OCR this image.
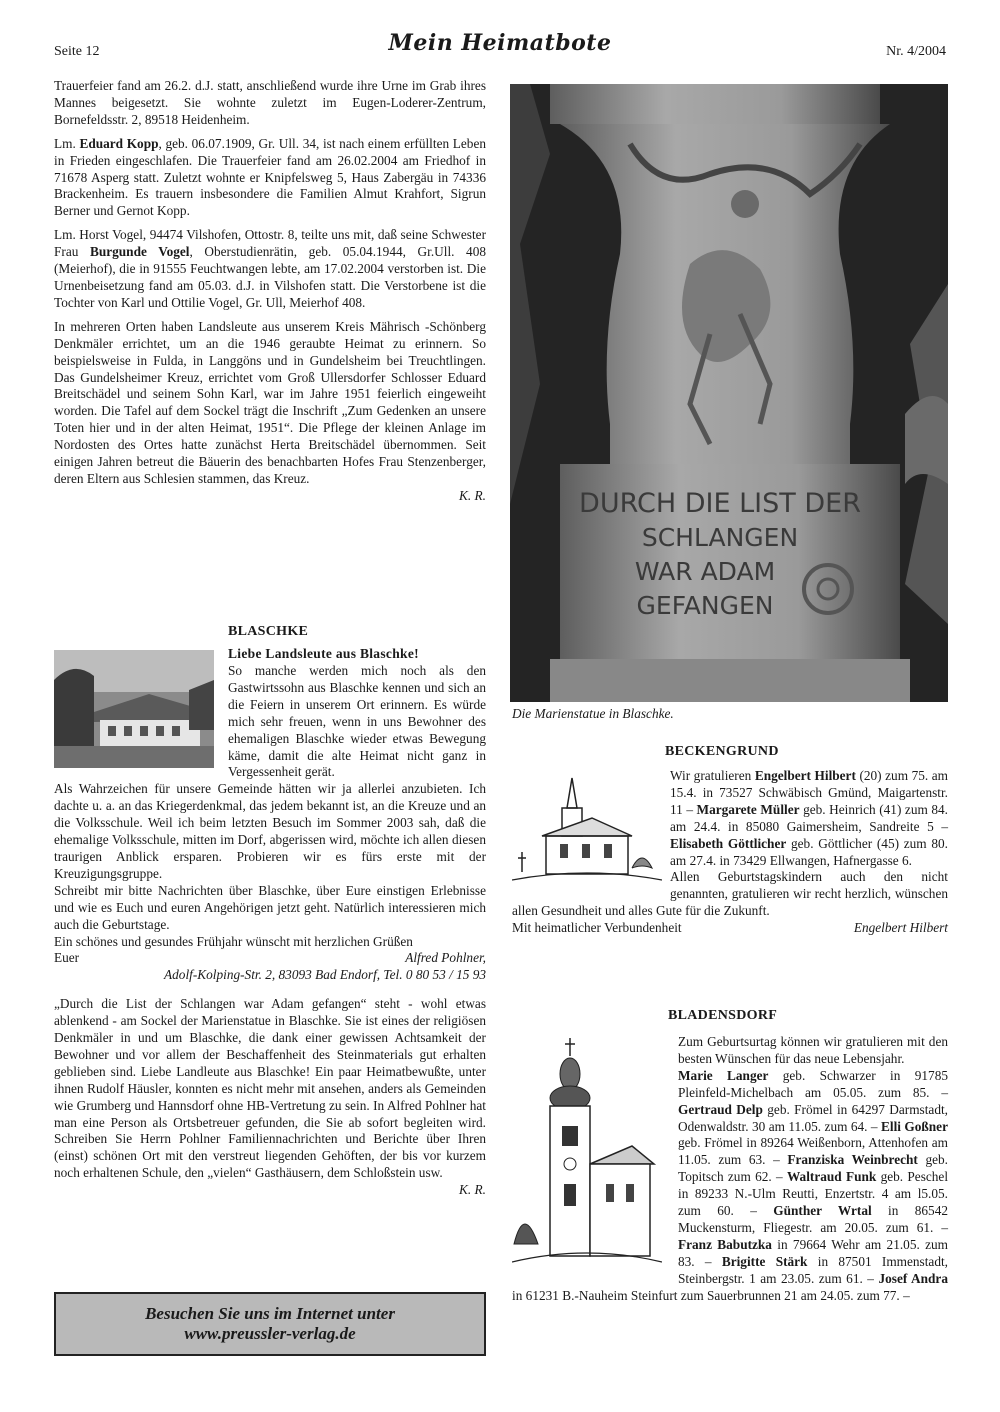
Seite 12	Mein Heimatbote	Nr. 4/2004

Trauerfeier fand am 26.2. d.J. statt, anschließend wurde ihre Urne im Grab ihres Mannes beigesetzt. Sie wohnte zuletzt im Eugen-Loderer-Zentrum, Bornefeldsstr. 2, 89518 Heidenheim.

Lm. Eduard Kopp, geb. 06.07.1909, Gr. Ull. 34, ist nach einem erfüllten Leben in Frieden eingeschlafen. Die Trauerfeier fand am 26.02.2004 am Friedhof in 71678 Asperg statt. Zuletzt wohnte er Knipfelsweg 5, Haus Zabergäu in 74336 Brackenheim. Es trauern insbesondere die Familien Almut Krahfort, Sigrun Berner und Gernot Kopp.

Lm. Horst Vogel, 94474 Vilshofen, Ottostr. 8, teilte uns mit, daß seine Schwester Frau Burgunde Vogel, Oberstudienrätin, geb. 05.04.1944, Gr.Ull. 408 (Meierhof), die in 91555 Feuchtwangen lebte, am 17.02.2004 verstorben ist. Die Urnenbeisetzung fand am 05.03. d.J. in Vilshofen statt. Die Verstorbene ist die Tochter von Karl und Ottilie Vogel, Gr. Ull, Meierhof 408.

In mehreren Orten haben Landsleute aus unserem Kreis Mährisch -Schönberg Denkmäler errichtet, um an die 1946 geraubte Heimat zu erinnern. So beispielsweise in Fulda, in Langgöns und in Gundelsheim bei Treuchtlingen. Das Gundelsheimer Kreuz, errichtet vom Groß Ullersdorfer Schlosser Eduard Breitschädel und seinem Sohn Karl, war im Jahre 1951 feierlich eingeweiht worden. Die Tafel auf dem Sockel trägt die Inschrift „Zum Gedenken an unsere Toten hier und in der alten Heimat, 1951“. Die Pflege der kleinen Anlage im Nordosten des Ortes hatte zunächst Herta Breitschädel übernommen. Seit einigen Jahren betreut die Bäuerin des benachbarten Hofes Frau Stenzenberger, deren Eltern aus Schlesien stammen, das Kreuz.

K. R.
BLASCHKE
Liebe Landsleute aus Blaschke!

So manche werden mich noch als den Gastwirtssohn aus Blaschke kennen und sich an die Feiern in unserem Ort erinnern. Es würde mich sehr freuen, wenn in uns Bewohner des ehemaligen Blaschke wieder etwas Bewegung käme, damit die alte Heimat nicht ganz in Vergessenheit gerät.

Als Wahrzeichen für unsere Gemeinde hätten wir ja allerlei anzubieten. Ich dachte u. a. an das Kriegerdenkmal, das jedem bekannt ist, an die Kreuze und an die Volksschule. Weil ich beim letzten Besuch im Sommer 2003 sah, daß die ehemalige Volksschule, mitten im Dorf, abgerissen wird, möchte ich allen diesen traurigen Anblick ersparen. Probieren wir es fürs erste mit der Kreuzigungsgruppe.

Schreibt mir bitte Nachrichten über Blaschke, über Eure einstigen Erlebnisse und wie es Euch und euren Angehörigen jetzt geht. Natürlich interessieren mich auch die Geburtstage.

Ein schönes und gesundes Frühjahr wünscht mit herzlichen Grüßen

Euer	Alfred Pohlner,
Adolf-Kolping-Str. 2, 83093 Bad Endorf, Tel. 0 80 53 / 15 93

„Durch die List der Schlangen war Adam gefangen“ steht - wohl etwas ablenkend - am Sockel der Marienstatue in Blaschke. Sie ist eines der religiösen Denkmäler in und um Blaschke, die dank einer gewissen Achtsamkeit der Bewohner und vor allem der Beschaffenheit des Steinmaterials gut erhalten geblieben sind. Liebe Landleute aus Blaschke! Ein paar Heimatbewußte, unter ihnen Rudolf Häusler, konnten es nicht mehr mit ansehen, anders als Gemeinden wie Grumberg und Hannsdorf ohne HB-Vertretung zu sein. In Alfred Pohlner hat man eine Person als Ortsbetreuer gefunden, die Sie ab sofort begleiten wird. Schreiben Sie Herrn Pohlner Familiennachrichten und Berichte über Ihren (einst) schönen Ort mit den verstreut liegenden Gehöften, der bis vor kurzem noch erhaltenen Schule, den „vielen“ Gasthäusern, dem Schloßstein usw.

K. R.
Besuchen Sie uns im Internet unter
www.preussler-verlag.de
DURCH DIE LIST DER
SCHLANGEN
WAR ADAM
GEFANGEN
Die Marienstatue in Blaschke.
BECKENGRUND

Wir gratulieren Engelbert Hilbert (20) zum 75. am 15.4. in 73527 Schwäbisch Gmünd, Maigartenstr. 11 – Margarete Müller geb. Heinrich (41) zum 84. am 24.4. in 85080 Gaimersheim, Sandreite 5 – Elisabeth Göttlicher geb. Göttlicher (45) zum 80. am 27.4. in 73429 Ellwangen, Hafnergasse 6.

Allen Geburtstagskindern auch den nicht genannten, gratulieren wir recht herzlich, wünschen allen Gesundheit und alles Gute für die Zukunft.

Mit heimatlicher Verbundenheit	Engelbert Hilbert
BLADENSDORF

Zum Geburtsurtag können wir gratulieren mit den besten Wünschen für das neue Lebensjahr.

Marie Langer geb. Schwarzer in 91785 Pleinfeld-Michelbach am 05.05. zum 85. – Gertraud Delp geb. Frömel in 64297 Darmstadt, Odenwaldstr. 30 am 11.05. zum 64. – Elli Goßner geb. Frömel in 89264 Weißenborn, Attenhofen am 11.05. zum 63. – Franziska Weinbrecht geb. Topitsch zum 62. – Waltraud Funk geb. Peschel in 89233 N.-Ulm Reutti, Enzertstr. 4 am l5.05. zum 60. – Günther Wrtal in 86542 Muckensturm, Fliegestr. am 20.05. zum 61. – Franz Babutzka in 79664 Wehr am 21.05. zum 83. – Brigitte Stärk in 87501 Immenstadt, Steinbergstr. 1 am 23.05. zum 61. – Josef Andra in 61231 B.-Nauheim Steinfurt zum Sauerbrunnen 21 am 24.05. zum 77. –
